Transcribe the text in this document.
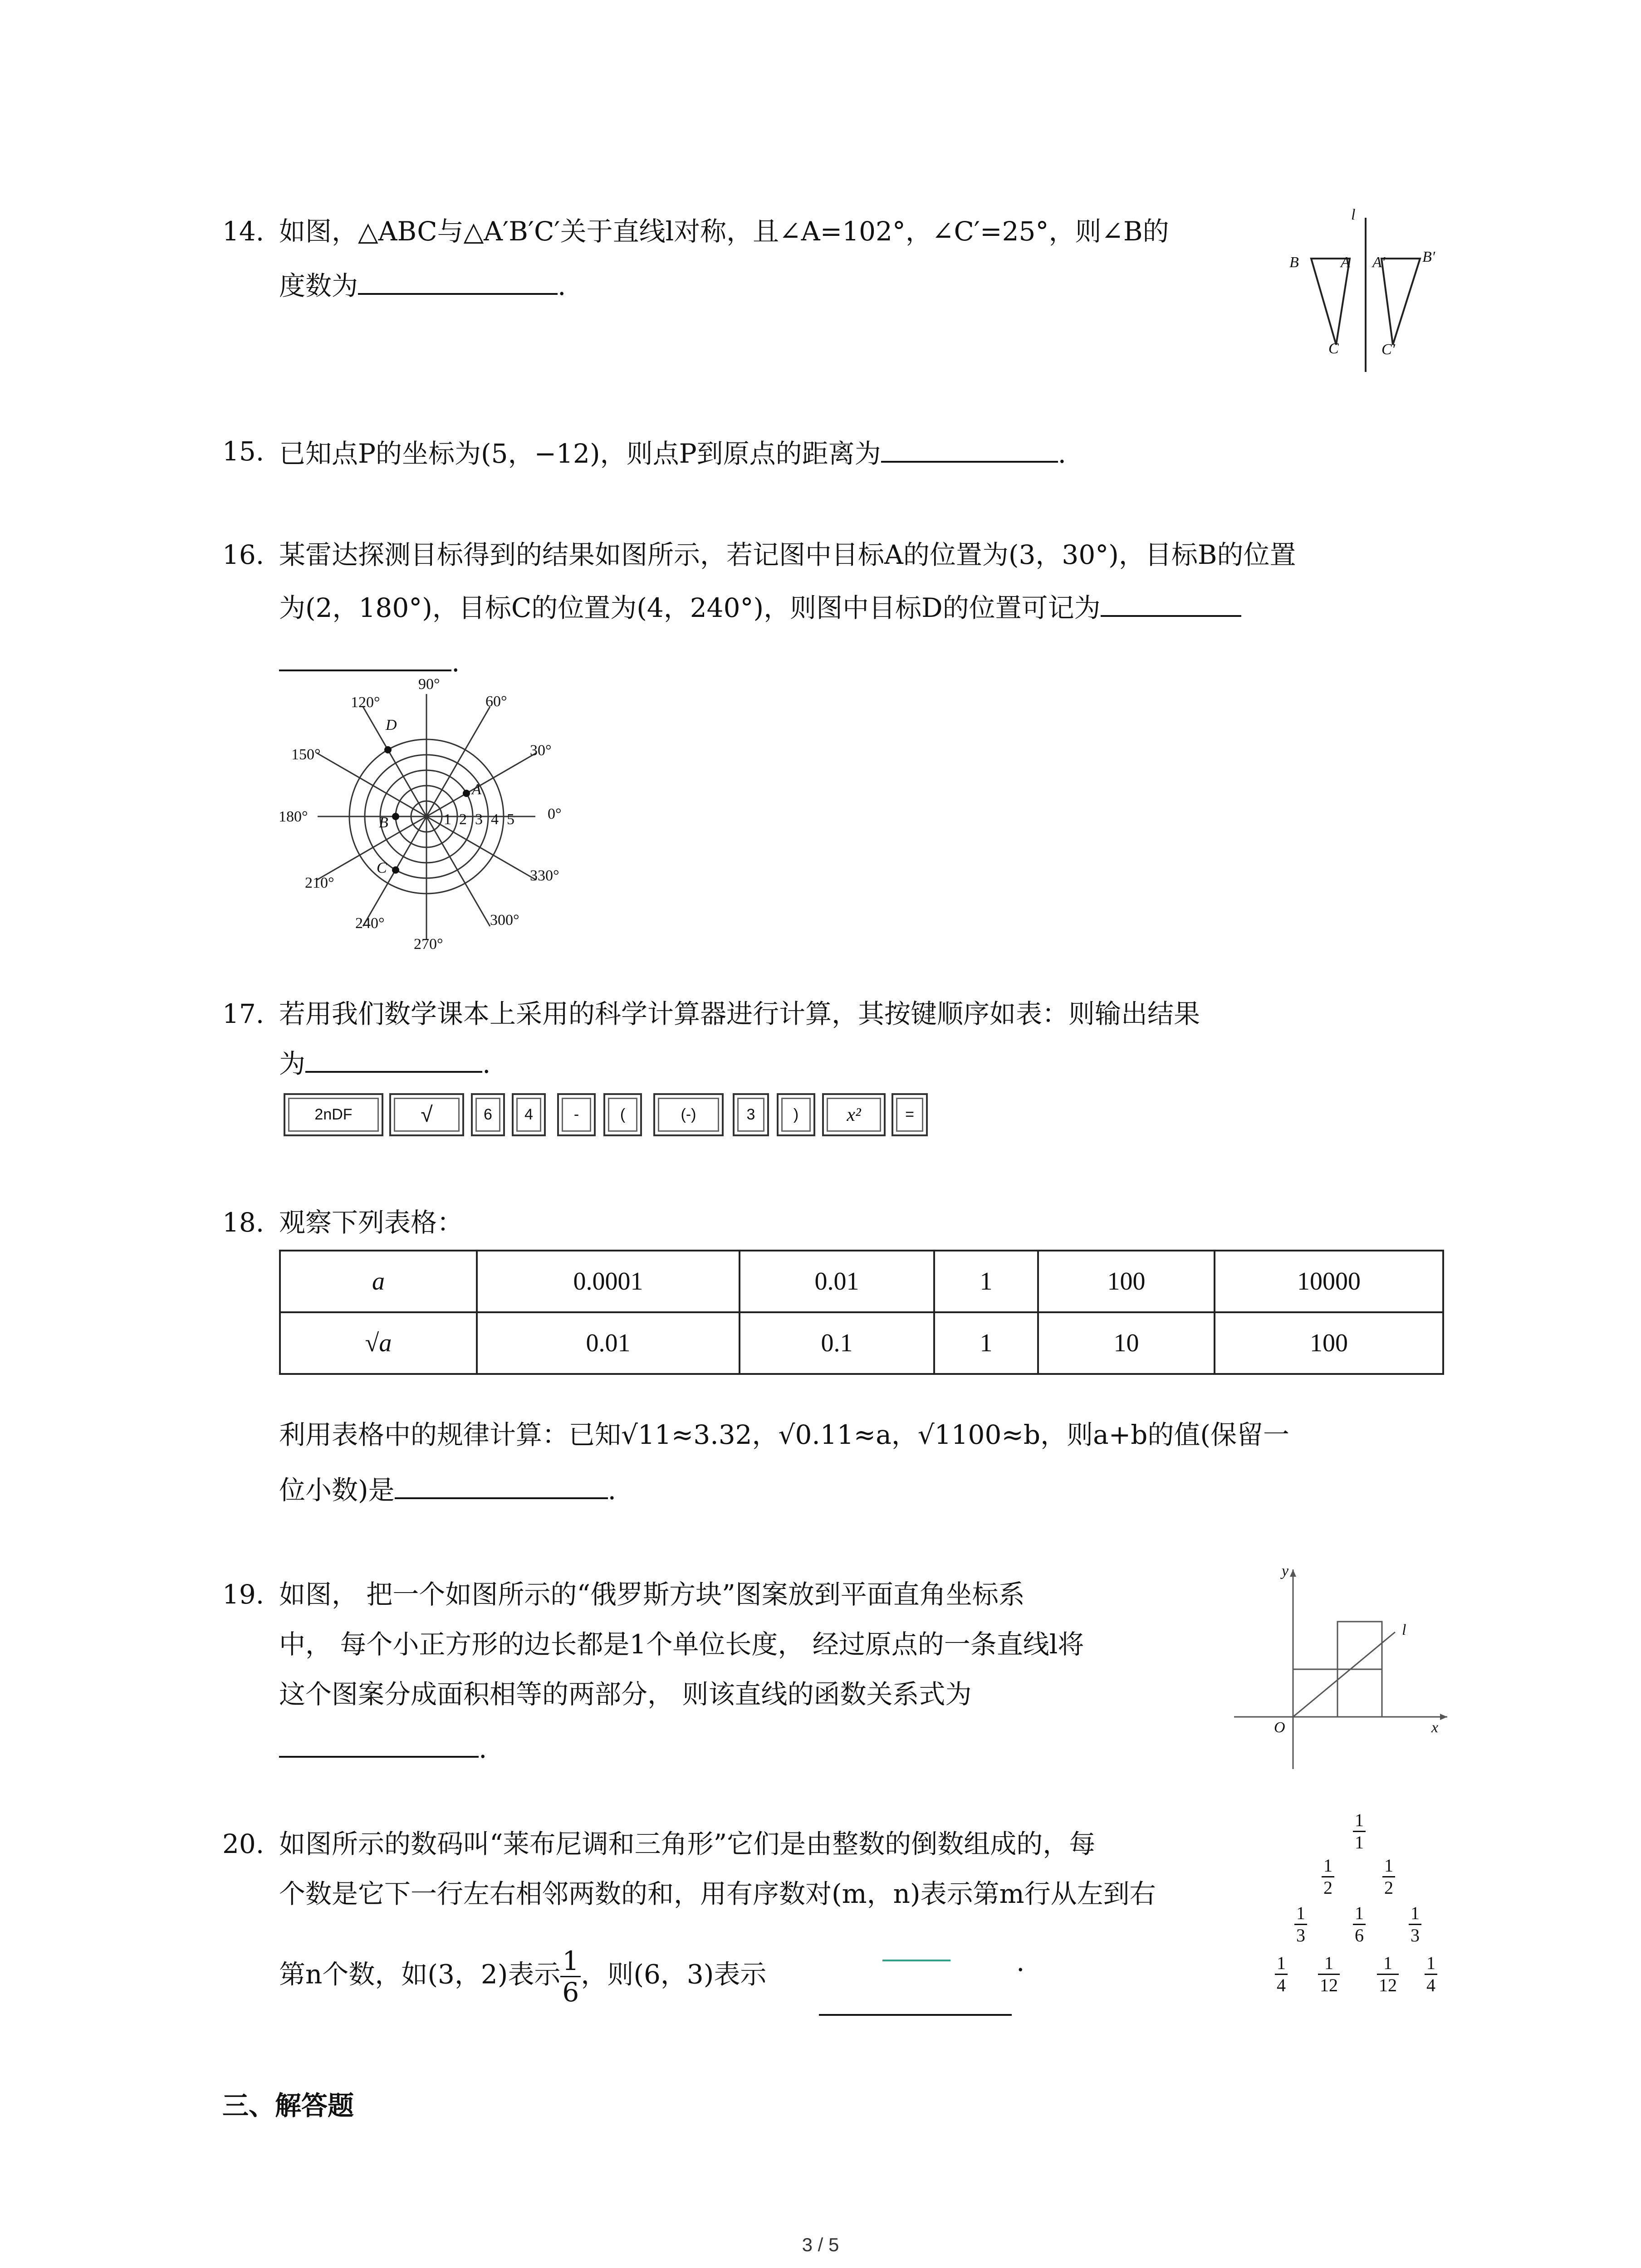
14. 如图，△ABC与△A′B′C′关于直线l对称，且∠A=102°，∠C′=25°，则∠B的
度数为	.
l
B	A
C
A′ B′
C′
15. 已知点P的坐标为(5，−12)，则点P到原点的距离为	.
16. 某雷达探测目标得到的结果如图所示，若记图中目标A的位置为(3，30°)，目标B的位置
为(2，180°)，目标C的位置为(4，240°)，则图中目标D的位置可记为
.
90°
60°
30°
0°
330°
300°
270°
240°
210°
180°
150°
120°
1 2 3 4 5
A
B
C
D
17. 若用我们数学课本上采用的科学计算器进行计算，其按键顺序如表：则输出结果
为	.
2nDF	√	6	4	-	(	(-)	3	)	x²	=
18. 观察下列表格：
a	0.0001	0.01	1	100	10000
√a	0.01	0.1	1	10	100
利用表格中的规律计算：已知√11≈3.32，√0.11≈a，√1100≈b，则a+b的值(保留一
位小数)是	.
19. 如图， 把一个如图所示的“俄罗斯方块”图案放到平面直角坐标系
中， 每个小正方形的边长都是1个单位长度， 经过原点的一条直线l将
这个图案分成面积相等的两部分， 则该直线的函数关系式为
.
y
x
O
l
20. 如图所示的数码叫“莱布尼调和三角形”它们是由整数的倒数组成的，每
个数是它下一行左右相邻两数的和，用有序数对(m，n)表示第m行从左到右
第n个数，如(3，2)表示 $\frac{1}{6}$ ，则(6，3)表示	.
$\frac{1}{1}$
$\frac{1}{2}$	$\frac{1}{2}$
$\frac{1}{3}$	$\frac{1}{6} \frac{1}{3}$
$\frac{1}{4} \frac{1}{12} \frac{1}{12} \frac{1}{4}$
三、解答题
3 / 5
